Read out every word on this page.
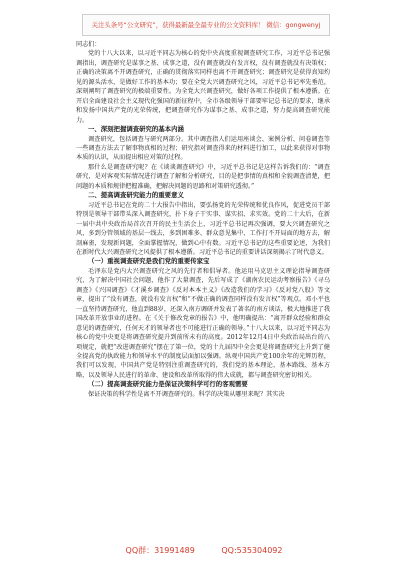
关注头条号“公文研究”，获得最新最全最专业的公文资料库！ 微信：gongwenyj

同志们：

党的十八大以来，以习近平同志为核心的党中央高度重视调查研究工作，习近平总书记强调指出，调查研究是谋事之基、成事之道，没有调查就没有发言权，没有调查就没有决策权；正确的决策离不开调查研究，正确的贯彻落实同样也离不开调查研究；调查研究是获得真知灼见的源头活水，是做好工作的基本功；要在全党大兴调查研究之风，习近平总书记率先垂范，深刻阐明了调查研究的极端重要性。为全党大兴调查研究，做好各项工作提供了根本遵循。在开启全面建设社会主义现代化强国的新征程中，全市各级领导干部要牢记总书记的要求，继承和发扬中国共产党的光荣传统，把调查研究作为谋事之基、成事之道，努力提高调查研究能力。

一、深刻把握调查研究的基本内涵

调查研究，包括调查与研究两部分。其中调查指人们运用座谈会、案例分析、问卷调查等一些调查方法去了解事物真相的过程；研究指对调查得来的材料进行加工，以此来获得对事物本质的认识，从而提出相应对策的过程。

那什么是调查研究呢？在《谈谈调查研究》中，习近平总书记是这样告诉我们的：“调查研究，是对客观实际情况进行调查了解和分析研究，目的是把事情的真相和全貌调查清楚，把问题的本质和规律把握准确，把解决问题的思路和对策研究透彻。”

二、提高调查研究能力的重要意义

习近平总书记在党的二十大报告中指出，要弘扬党的光荣传统和优良作风，促进党员干部特别是领导干部带头深入调查研究，扑下身子干实事、谋实招、求实效。党的二十大后，在新一届中共中央政治局首次召开的民主生活会上，习近平总书记再次强调，要大兴调查研究之风，多到分管领域的基层一线去，多到困难多、群众意见集中、工作打不开局面的地方去，解剖麻雀，发现新问题，全面掌握情况，做到心中有数。习近平总书记的这些重要论述，为我们在新时代大兴调查研究之风提供了根本遵循。习近平总书记的重要讲话深刻揭示了时代意义。

（一）重视调查研究是我们党的重要传家宝

毛泽东是党内大兴调查研究之风的先行者和倡导者。他运用马克思主义理论指导调查研究，为了解决中国社会问题，他作了大量调查，先后写成了《湖南农民运动考察报告》《寻乌调查》《兴国调查》《才溪乡调查》《反对本本主义》《改造我们的学习》《反对党八股》等文章，提出了“没有调查，就没有发言权”和“不做正确的调查同样没有发言权”等观点。邓小平也一直坚持调查研究，他直到88岁，还深入南方调研并发表了著名的南方谈话，极大地推进了我国改革开放事业的进程。在《关于修改党章的报告》中，他明确提出：“离开群众经验和群众意见的调查研究，任何天才的领导者也不可能进行正确的领导。”十八大以来，以习近平同志为核心的党中央更是将调查研究提升到前所未有的高度。2012年12月4日中央政治局出台的八项规定，就把“改进调查研究”摆在了第一位，党的十九届四中全会更是将调查研究上升到了健全提高党的执政能力和领导水平的制度层面加以强调。纵观中国共产党100余年的光辉历程，我们可以发现，中国共产党是特别注重调查研究的，我们党的基本理论、基本路线、基本方略，以及领导人民进行的革命、建设和改革所取得的伟大成就，都与调查研究密切相关。

（二）提高调查研究能力是保证决策科学可行的客观需要

保证决策的科学性是离不开调查研究的。科学的决策从哪里来呢？其实决

QQ群：31991489	QQ:535304092
